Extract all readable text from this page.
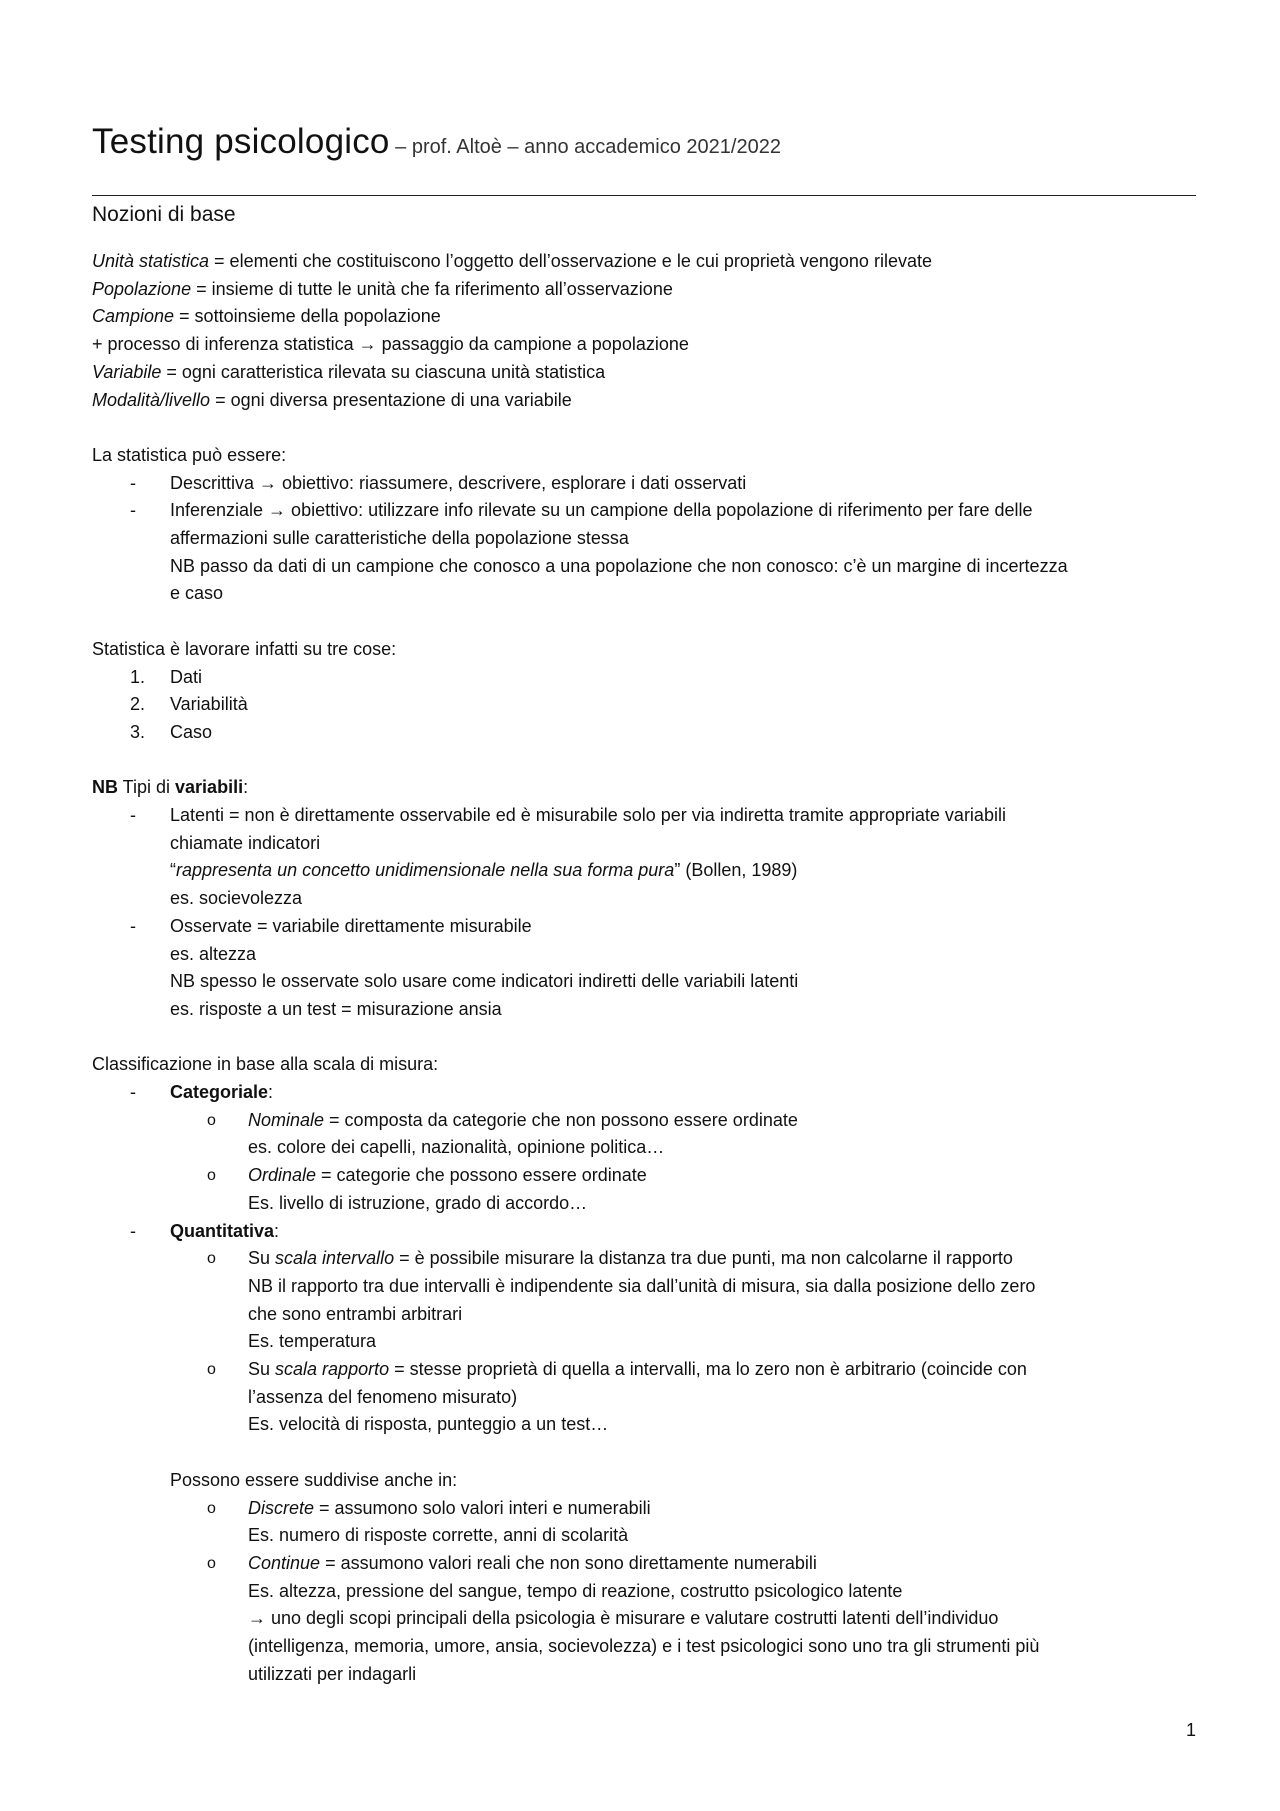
Testing psicologico – prof. Altoè – anno accademico 2021/2022
Nozioni di base
Unità statistica = elementi che costituiscono l’oggetto dell’osservazione e le cui proprietà vengono rilevate
Popolazione = insieme di tutte le unità che fa riferimento all’osservazione
Campione = sottoinsieme della popolazione
+ processo di inferenza statistica → passaggio da campione a popolazione
Variabile = ogni caratteristica rilevata su ciascuna unità statistica
Modalità/livello = ogni diversa presentazione di una variabile
La statistica può essere:
- Descrittiva → obiettivo: riassumere, descrivere, esplorare i dati osservati
- Inferenziale → obiettivo: utilizzare info rilevate su un campione della popolazione di riferimento per fare delle
affermazioni sulle caratteristiche della popolazione stessa
NB passo da dati di un campione che conosco a una popolazione che non conosco: c’è un margine di incertezza
e caso
Statistica è lavorare infatti su tre cose:
1. Dati
2. Variabilità
3. Caso
NB Tipi di variabili:
- Latenti = non è direttamente osservabile ed è misurabile solo per via indiretta tramite appropriate variabili
chiamate indicatori
“rappresenta un concetto unidimensionale nella sua forma pura” (Bollen, 1989)
es. socievolezza
- Osservate = variabile direttamente misurabile
es. altezza
NB spesso le osservate solo usare come indicatori indiretti delle variabili latenti
es. risposte a un test = misurazione ansia
Classificazione in base alla scala di misura:
- Categoriale:
o Nominale = composta da categorie che non possono essere ordinate
es. colore dei capelli, nazionalità, opinione politica…
o Ordinale = categorie che possono essere ordinate
Es. livello di istruzione, grado di accordo…
- Quantitativa:
o Su scala intervallo = è possibile misurare la distanza tra due punti, ma non calcolarne il rapporto
NB il rapporto tra due intervalli è indipendente sia dall’unità di misura, sia dalla posizione dello zero
che sono entrambi arbitrari
Es. temperatura
o Su scala rapporto = stesse proprietà di quella a intervalli, ma lo zero non è arbitrario (coincide con
l’assenza del fenomeno misurato)
Es. velocità di risposta, punteggio a un test…
Possono essere suddivise anche in:
o Discrete = assumono solo valori interi e numerabili
Es. numero di risposte corrette, anni di scolarità
o Continue = assumono valori reali che non sono direttamente numerabili
Es. altezza, pressione del sangue, tempo di reazione, costrutto psicologico latente
→ uno degli scopi principali della psicologia è misurare e valutare costrutti latenti dell’individuo
(intelligenza, memoria, umore, ansia, socievolezza) e i test psicologici sono uno tra gli strumenti più
utilizzati per indagarli
1
